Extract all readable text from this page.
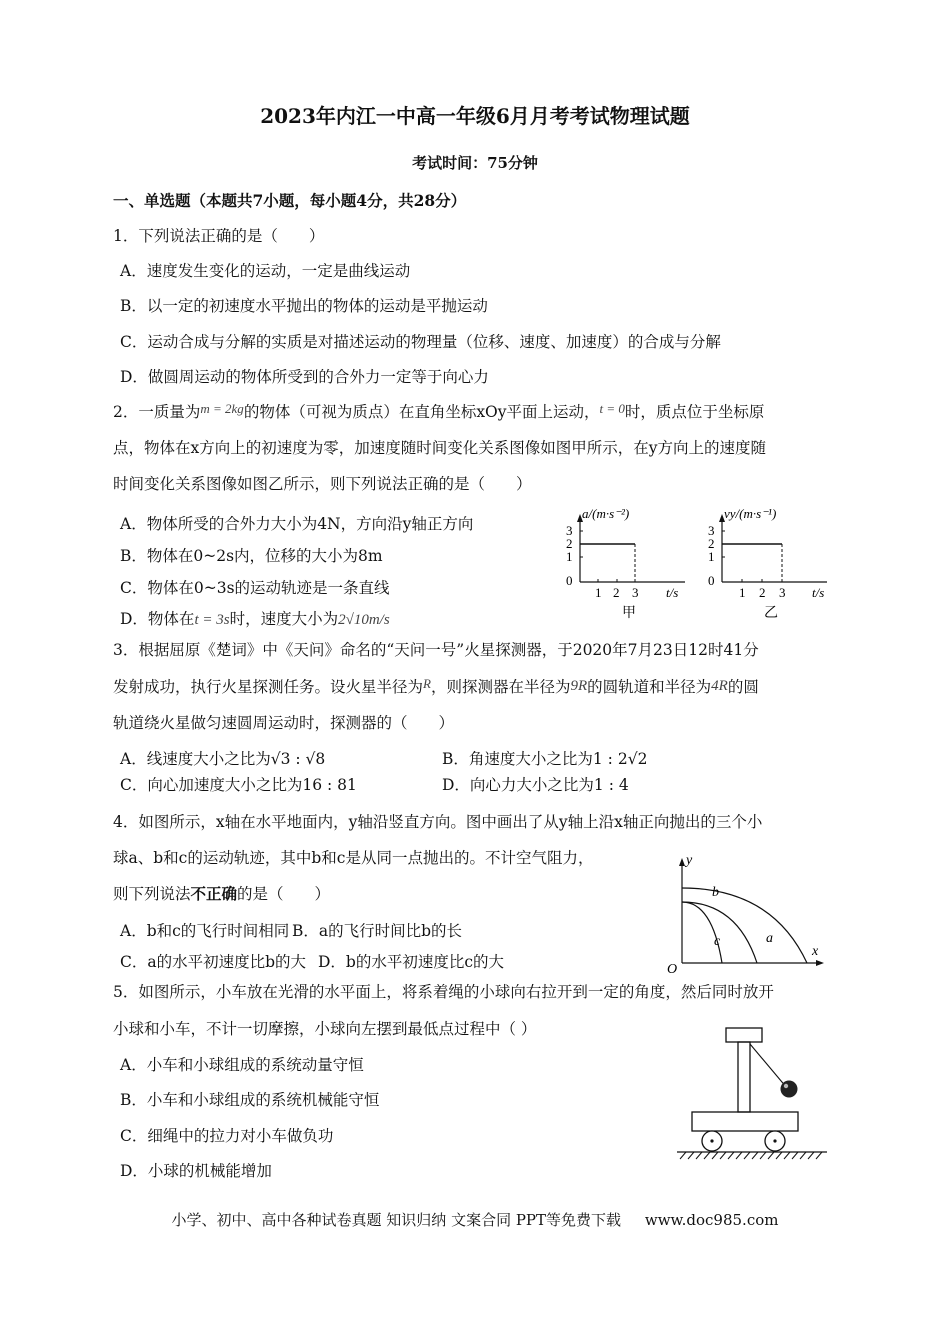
2023年内江一中高一年级6月月考考试物理试题
考试时间：75分钟
一、单选题（本题共7小题，每小题4分，共28分）
1．下列说法正确的是（　　）
A．速度发生变化的运动，一定是曲线运动
B．以一定的初速度水平抛出的物体的运动是平抛运动
C．运动合成与分解的实质是对描述运动的物理量（位移、速度、加速度）的合成与分解
D．做圆周运动的物体所受到的合外力一定等于向心力
2．一质量为$^{m = 2kg}$的物体（可视为质点）在直角坐标xOy平面上运动，$^{t = 0}$时，质点位于坐标原
点，物体在x方向上的初速度为零，加速度随时间变化关系图像如图甲所示，在y方向上的速度随
时间变化关系图像如图乙所示，则下列说法正确的是（　　）
A．物体所受的合外力大小为4N，方向沿y轴正方向
B．物体在0~2s内，位移的大小为8m
C．物体在0~3s的运动轨迹是一条直线
D．物体在t = 3s时，速度大小为2√10m/s
a/(m·s⁻²)
3
2
1
0
1 2 3 t/s
甲
vy/(m·s⁻¹)
3
2
1
0
1 2 3 t/s
乙
3．根据屈原《楚词》中《天问》命名的“天问一号”火星探测器，于2020年7月23日12时41分
发射成功，执行火星探测任务。设火星半径为$^R$，则探测器在半径为9R的圆轨道和半径为4R的圆
轨道绕火星做匀速圆周运动时，探测器的（　　）
A．线速度大小之比为√3 : √8	B．角速度大小之比为1 : 2√2
C．向心加速度大小之比为16 : 81	D．向心力大小之比为1 : 4
4．如图所示，x轴在水平地面内，y轴沿竖直方向。图中画出了从y轴上沿x轴正向抛出的三个小
球a、b和c的运动轨迹，其中b和c是从同一点抛出的。不计空气阻力，
则下列说法不正确的是（　　）
A．b和c的飞行时间相同 B．a的飞行时间比b的长
C．a的水平初速度比b的大 D．b的水平初速度比c的大
y
x
O
a
b
c
5．如图所示，小车放在光滑的水平面上，将系着绳的小球向右拉开到一定的角度，然后同时放开
小球和小车，不计一切摩擦，小球向左摆到最低点过程中（ ）
A．小车和小球组成的系统动量守恒
B．小车和小球组成的系统机械能守恒
C．细绳中的拉力对小车做负功
D．小球的机械能增加
小学、初中、高中各种试卷真题 知识归纳 文案合同 PPT等免费下载 www.doc985.com
